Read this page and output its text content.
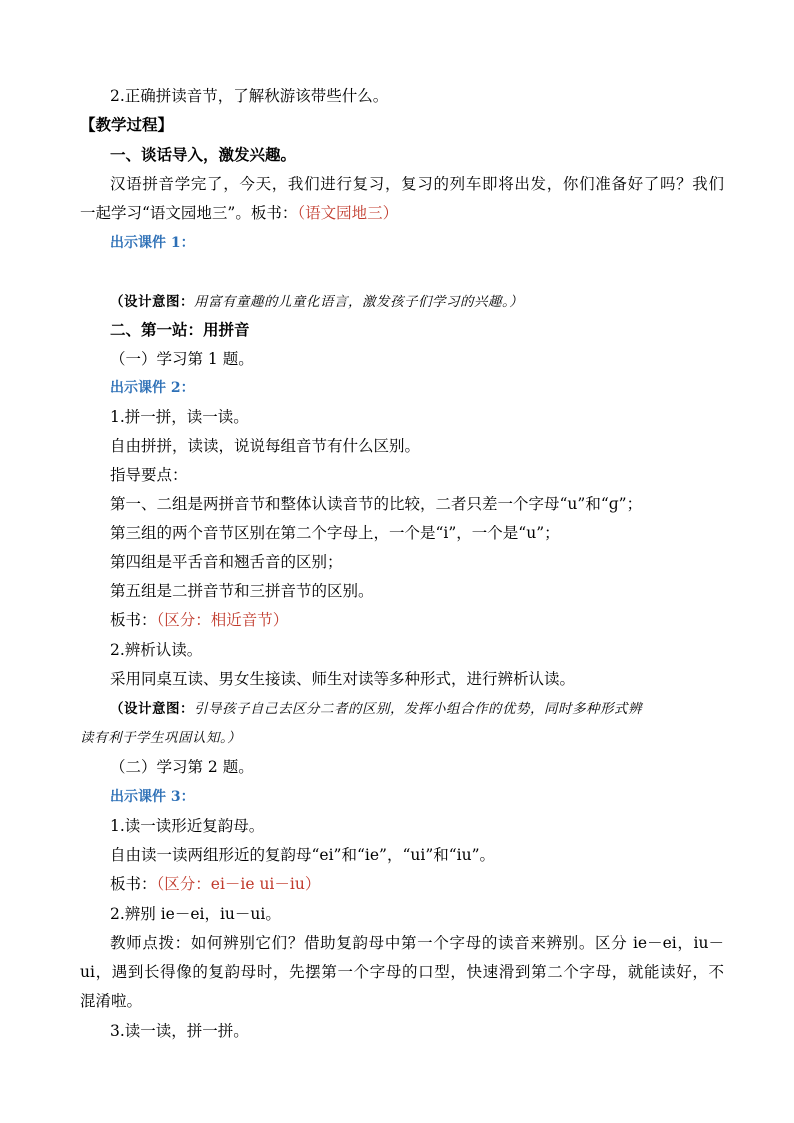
2.正确拼读音节，了解秋游该带些什么。
【教学过程】
一、谈话导入，激发兴趣。
汉语拼音学完了，今天，我们进行复习，复习的列车即将出发，你们准备好了吗？我们
一起学习“语文园地三”。板书：（语文园地三）
出示课件 1：
（设计意图：用富有童趣的儿童化语言，激发孩子们学习的兴趣。）
二、第一站：用拼音
（一）学习第 1 题。
出示课件 2：
1.拼一拼，读一读。
自由拼拼，读读，说说每组音节有什么区别。
指导要点：
第一、二组是两拼音节和整体认读音节的比较，二者只差一个字母“u”和“ɡ”；
第三组的两个音节区别在第二个字母上，一个是“i”，一个是“u”；
第四组是平舌音和翘舌音的区别；
第五组是二拼音节和三拼音节的区别。
板书：（区分：相近音节）
2.辨析认读。
采用同桌互读、男女生接读、师生对读等多种形式，进行辨析认读。
（设计意图：引导孩子自己去区分二者的区别，发挥小组合作的优势，同时多种形式辨
读有利于学生巩固认知。）
（二）学习第 2 题。
出示课件 3：
1.读一读形近复韵母。
自由读一读两组形近的复韵母“ei”和“ie”，“ui”和“iu”。
板书：（区分：ei－ie ui－iu）
2.辨别 ie－ei，iu－ui。
教师点拨：如何辨别它们？借助复韵母中第一个字母的读音来辨别。区分 ie－ei，iu－
ui，遇到长得像的复韵母时，先摆第一个字母的口型，快速滑到第二个字母，就能读好，不
混淆啦。
3.读一读，拼一拼。
